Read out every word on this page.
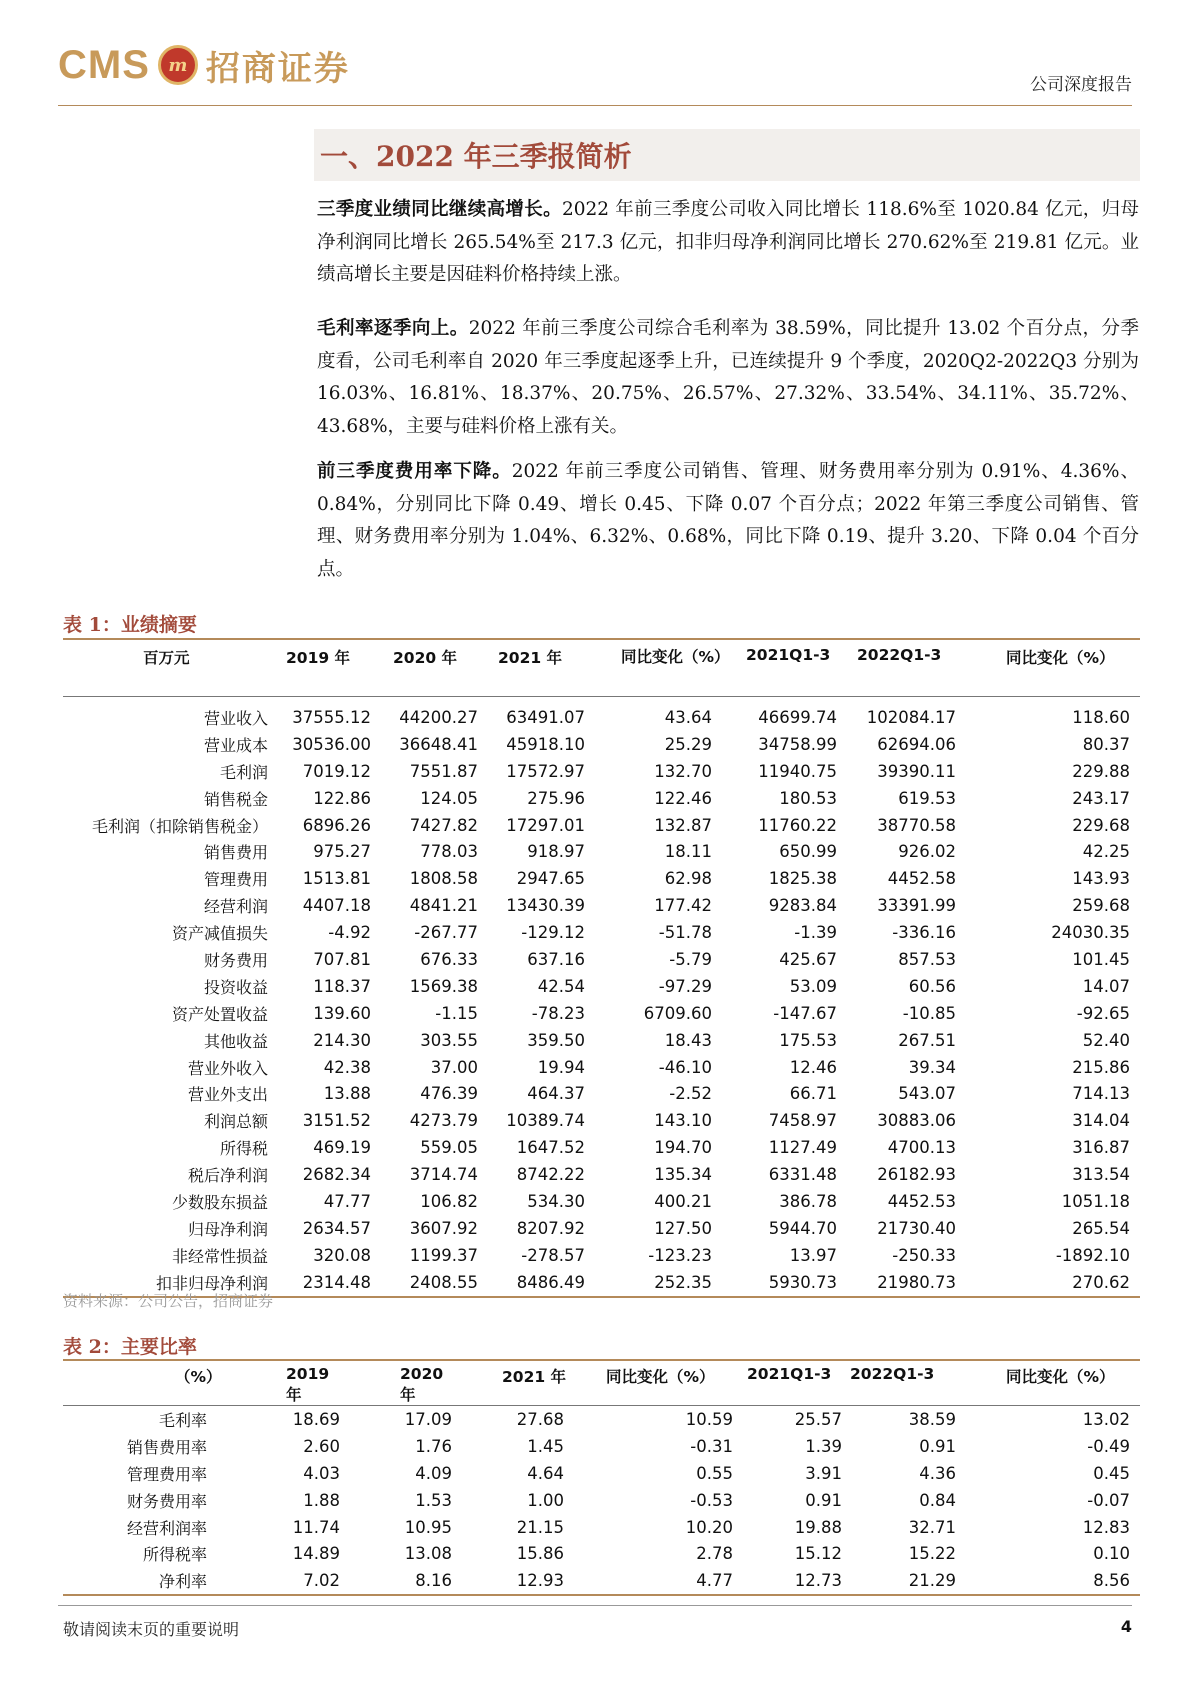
CMS m 招商证券	公司深度报告
一、2022 年三季报简析
三季度业绩同比继续高增长。2022 年前三季度公司收入同比增长 118.6%至 1020.84 亿元，归母净利润同比增长 265.54%至 217.3 亿元，扣非归母净利润同比增长 270.62%至 219.81 亿元。业绩高增长主要是因硅料价格持续上涨。
毛利率逐季向上。2022 年前三季度公司综合毛利率为 38.59%，同比提升 13.02 个百分点，分季度看，公司毛利率自 2020 年三季度起逐季上升，已连续提升 9 个季度，2020Q2-2022Q3 分别为 16.03%、16.81%、18.37%、20.75%、26.57%、27.32%、33.54%、34.11%、35.72%、43.68%，主要与硅料价格上涨有关。
前三季度费用率下降。2022 年前三季度公司销售、管理、财务费用率分别为 0.91%、4.36%、0.84%，分别同比下降 0.49、增长 0.45、下降 0.07 个百分点；2022 年第三季度公司销售、管理、财务费用率分别为 1.04%、6.32%、0.68%，同比下降 0.19、提升 3.20、下降 0.04 个百分点。
表 1：业绩摘要
百万元	2019 年	2020 年	2021 年	同比变化（%）	2021Q1-3	2022Q1-3	同比变化（%）
营业收入	37555.12	44200.27	63491.07	43.64	46699.74	102084.17	118.60
营业成本	30536.00	36648.41	45918.10	25.29	34758.99	62694.06	80.37
毛利润	7019.12	7551.87	17572.97	132.70	11940.75	39390.11	229.88
销售税金	122.86	124.05	275.96	122.46	180.53	619.53	243.17
毛利润（扣除销售税金）	6896.26	7427.82	17297.01	132.87	11760.22	38770.58	229.68
销售费用	975.27	778.03	918.97	18.11	650.99	926.02	42.25
管理费用	1513.81	1808.58	2947.65	62.98	1825.38	4452.58	143.93
经营利润	4407.18	4841.21	13430.39	177.42	9283.84	33391.99	259.68
资产减值损失	-4.92	-267.77	-129.12	-51.78	-1.39	-336.16	24030.35
财务费用	707.81	676.33	637.16	-5.79	425.67	857.53	101.45
投资收益	118.37	1569.38	42.54	-97.29	53.09	60.56	14.07
资产处置收益	139.60	-1.15	-78.23	6709.60	-147.67	-10.85	-92.65
其他收益	214.30	303.55	359.50	18.43	175.53	267.51	52.40
营业外收入	42.38	37.00	19.94	-46.10	12.46	39.34	215.86
营业外支出	13.88	476.39	464.37	-2.52	66.71	543.07	714.13
利润总额	3151.52	4273.79	10389.74	143.10	7458.97	30883.06	314.04
所得税	469.19	559.05	1647.52	194.70	1127.49	4700.13	316.87
税后净利润	2682.34	3714.74	8742.22	135.34	6331.48	26182.93	313.54
少数股东损益	47.77	106.82	534.30	400.21	386.78	4452.53	1051.18
归母净利润	2634.57	3607.92	8207.92	127.50	5944.70	21730.40	265.54
非经常性损益	320.08	1199.37	-278.57	-123.23	13.97	-250.33	-1892.10
扣非归母净利润	2314.48	2408.55	8486.49	252.35	5930.73	21980.73	270.62
资料来源：公司公告，招商证券
表 2：主要比率
（%）	2019 年	2020 年	2021 年	同比变化（%）	2021Q1-3	2022Q1-3	同比变化（%）
毛利率	18.69	17.09	27.68	10.59	25.57	38.59	13.02
销售费用率	2.60	1.76	1.45	-0.31	1.39	0.91	-0.49
管理费用率	4.03	4.09	4.64	0.55	3.91	4.36	0.45
财务费用率	1.88	1.53	1.00	-0.53	0.91	0.84	-0.07
经营利润率	11.74	10.95	21.15	10.20	19.88	32.71	12.83
所得税率	14.89	13.08	15.86	2.78	15.12	15.22	0.10
净利率	7.02	8.16	12.93	4.77	12.73	21.29	8.56
敬请阅读末页的重要说明	4
